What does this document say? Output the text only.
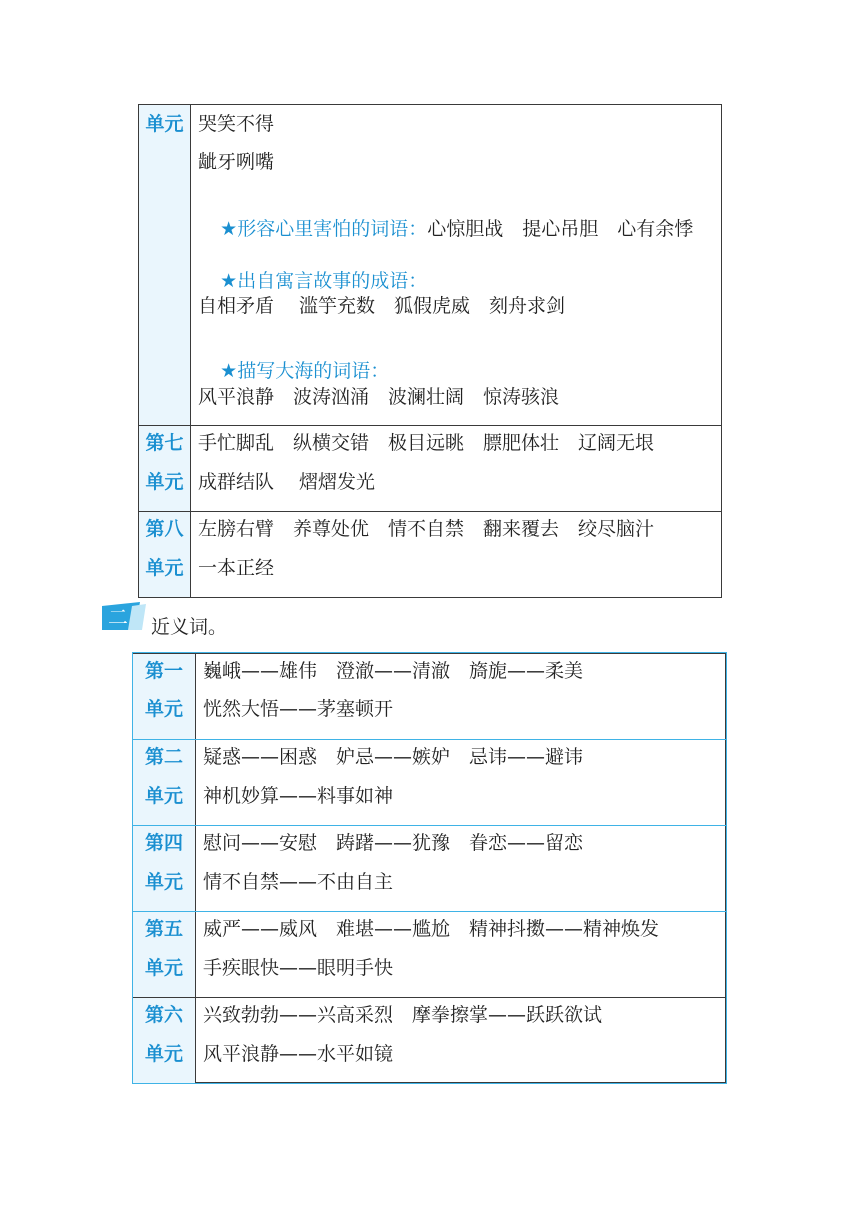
单元 哭笑不得
龇牙咧嘴

★形容心里害怕的词语：心惊胆战　提心吊胆　心有余悸

★出自寓言故事的成语：

自相矛盾　 滥竽充数　狐假虎威　刻舟求剑

★描写大海的词语：

风平浪静　波涛汹涌　波澜壮阔　惊涛骇浪
第七
单元
手忙脚乱　纵横交错　极目远眺　膘肥体壮　辽阔无垠
成群结队　 熠熠发光
第八
单元
左膀右臂　养尊处优　情不自禁　翻来覆去　绞尽脑汁
一本正经
二 近义词。
第一
单元
巍峨——雄伟　澄澈——清澈　旖旎——柔美
恍然大悟——茅塞顿开
第二
单元
疑惑——困惑　妒忌——嫉妒　忌讳——避讳
神机妙算——料事如神
第四
单元
慰问——安慰　踌躇——犹豫　眷恋——留恋
情不自禁——不由自主
第五
单元
威严——威风　难堪——尴尬　精神抖擞——精神焕发
手疾眼快——眼明手快
第六
单元
兴致勃勃——兴高采烈　摩拳擦掌——跃跃欲试
风平浪静——水平如镜
